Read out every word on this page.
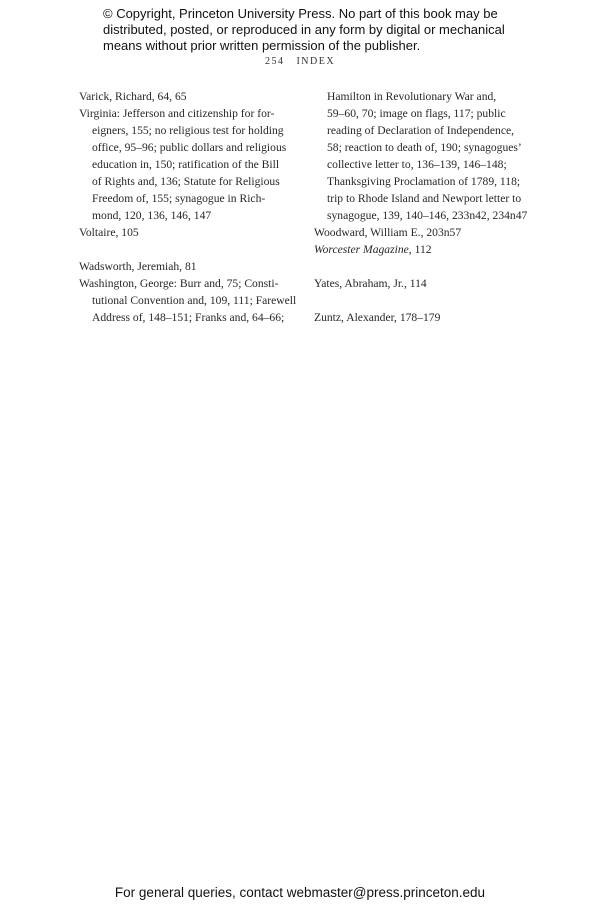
© Copyright, Princeton University Press. No part of this book may be
distributed, posted, or reproduced in any form by digital or mechanical
means without prior written permission of the publisher.
254 INDEX
Varick, Richard, 64, 65
Virginia: Jefferson and citizenship for for-
eigners, 155; no religious test for holding
office, 95–96; public dollars and religious
education in, 150; ratification of the Bill
of Rights and, 136; Statute for Religious
Freedom of, 155; synagogue in Rich-
mond, 120, 136, 146, 147
Voltaire, 105
Wadsworth, Jeremiah, 81
Washington, George: Burr and, 75; Consti-
tutional Convention and, 109, 111; Farewell
Address of, 148–151; Franks and, 64–66;
Hamilton in Revolutionary War and,
59–60, 70; image on flags, 117; public
reading of Declaration of Independence,
58; reaction to death of, 190; synagogues’
collective letter to, 136–139, 146–148;
Thanksgiving Proclamation of 1789, 118;
trip to Rhode Island and Newport letter to
synagogue, 139, 140–146, 233n42, 234n47
Woodward, William E., 203n57
Worcester Magazine, 112
Yates, Abraham, Jr., 114
Zuntz, Alexander, 178–179
For general queries, contact webmaster@press.princeton.edu
